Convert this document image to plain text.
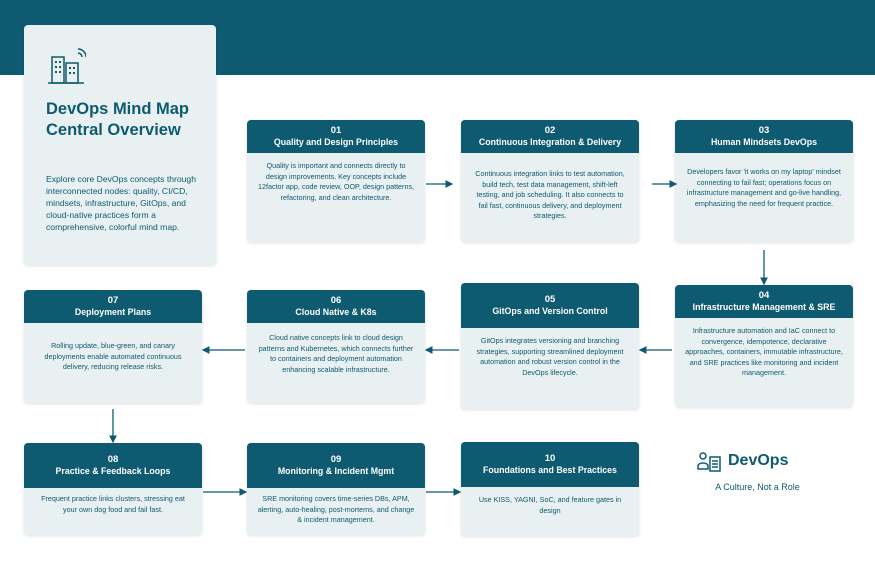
DevOps Mind Map Central Overview
Explore core DevOps concepts through interconnected nodes: quality, CI/CD, mindsets, infrastructure, GitOps, and cloud-native practices form a comprehensive, colorful mind map.
01
Quality and Design Principles
Quality is important and connects directly to design improvements. Key concepts include 12factor app, code review, OOP, design patterns, refactoring, and clean architecture.
02
Continuous Integration & Delivery
Continuous integration links to test automation, build tech, test data management, shift-left testing, and job scheduling. It also connects to fail fast, continuous delivery, and deployment strategies.
03
Human Mindsets DevOps
Developers favor 'it works on my laptop' mindset connecting to fail fast; operations focus on infrastructure management and go-live handling, emphasizing the need for frequent practice.
04
Infrastructure Management & SRE
Infrastructure automation and IaC connect to convergence, idempotence, declarative approaches, containers, immutable infrastructure, and SRE practices like monitoring and incident management.
05
GitOps and Version Control
GitOps integrates versioning and branching strategies, supporting streamlined deployment automation and robust version control in the DevOps lifecycle.
06
Cloud Native & K8s
Cloud native concepts link to cloud design patterns and Kubernetes, which connects further to containers and deployment automation enhancing scalable infrastructure.
07
Deployment Plans
Rolling update, blue-green, and canary deployments enable automated continuous delivery, reducing release risks.
08
Practice & Feedback Loops
Frequent practice links clusters, stressing eat your own dog food and fail fast.
09
Monitoring & Incident Mgmt
SRE monitoring covers time-series DBs, APM, alerting, auto-healing, post-mortems, and change & incident management.
10
Foundations and Best Practices
Use KISS, YAGNI, SoC, and feature gates in design
DevOps
A Culture, Not a Role
